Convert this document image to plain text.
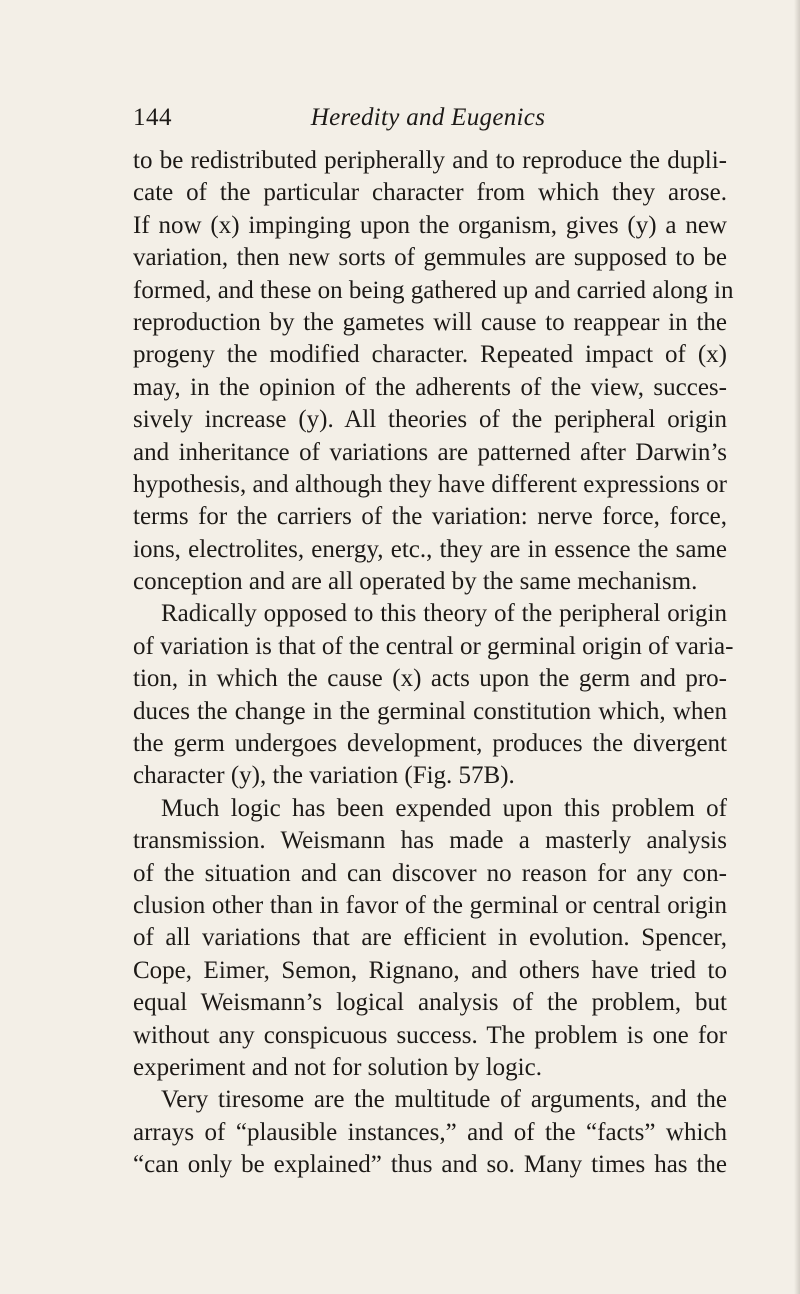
144	Heredity and Eugenics
to be redistributed peripherally and to reproduce the dupli-
cate of the particular character from which they arose.
If now (x) impinging upon the organism, gives (y) a new
variation, then new sorts of gemmules are supposed to be
formed, and these on being gathered up and carried along in
reproduction by the gametes will cause to reappear in the
progeny the modified character. Repeated impact of (x)
may, in the opinion of the adherents of the view, succes-
sively increase (y). All theories of the peripheral origin
and inheritance of variations are patterned after Darwin’s
hypothesis, and although they have different expressions or
terms for the carriers of the variation: nerve force, force,
ions, electrolites, energy, etc., they are in essence the same
conception and are all operated by the same mechanism.
Radically opposed to this theory of the peripheral origin
of variation is that of the central or germinal origin of varia-
tion, in which the cause (x) acts upon the germ and pro-
duces the change in the germinal constitution which, when
the germ undergoes development, produces the divergent
character (y), the variation (Fig. 57B).
Much logic has been expended upon this problem of
transmission. Weismann has made a masterly analysis
of the situation and can discover no reason for any con-
clusion other than in favor of the germinal or central origin
of all variations that are efficient in evolution. Spencer,
Cope, Eimer, Semon, Rignano, and others have tried to
equal Weismann’s logical analysis of the problem, but
without any conspicuous success. The problem is one for
experiment and not for solution by logic.
Very tiresome are the multitude of arguments, and the
arrays of “plausible instances,” and of the “facts” which
“can only be explained” thus and so. Many times has the
